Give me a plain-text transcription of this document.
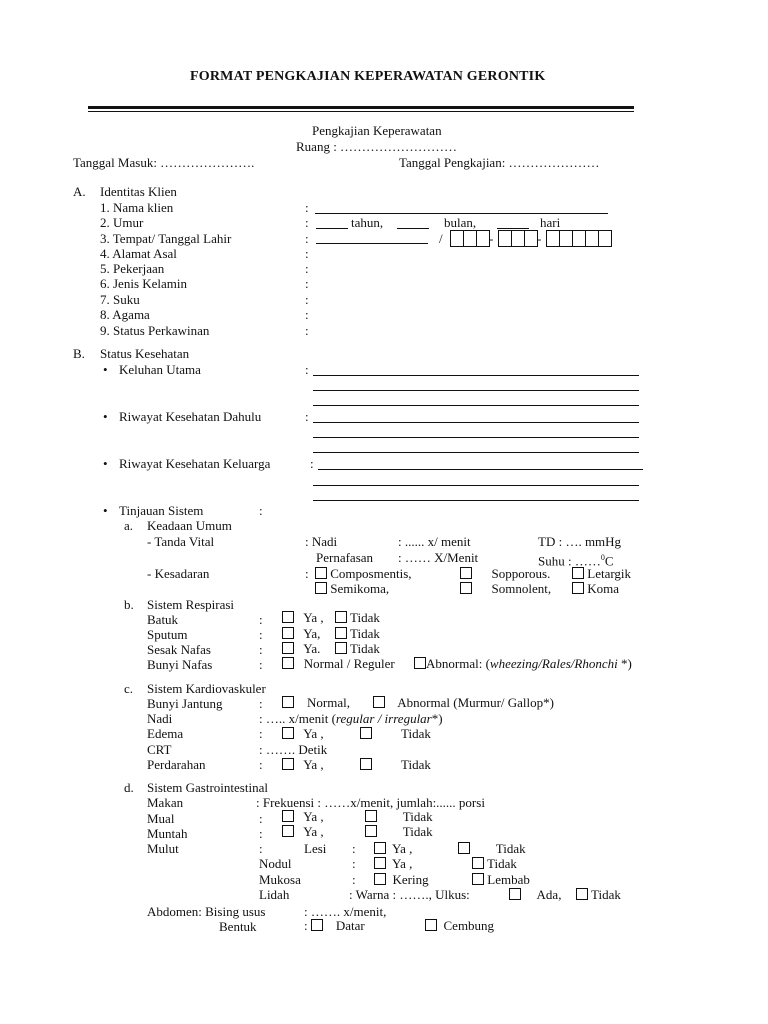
FORMAT PENGKAJIAN KEPERAWATAN GERONTIK
Pengkajian Keperawatan
Ruang : ………………………
Tanggal Masuk: ………………….	Tanggal Pengkajian: …………………
A. Identitas Klien
1. Nama klien	:
2. Umur	:	tahun,	bulan,	hari
3. Tempat/ Tanggal Lahir	:	/	-	-
4. Alamat Asal	:
5. Pekerjaan	:
6. Jenis Kelamin	:
7. Suku	:
8. Agama	:
9. Status Perkawinan	:
B. Status Kesehatan
• Keluhan Utama	:
• Riwayat Kesehatan Dahulu	:
• Riwayat Kesehatan Keluarga	:
• Tinjauan Sistem	:
a. Keadaan Umum
- Tanda Vital	: Nadi	: ...... x/ menit	TD : …. mmHg
Pernafasan : …… X/Menit	Suhu : ……$^0$C
- Kesadaran	:	Composmentis,	Sopporous.	Letargik
Semikoma,	Somnolent,	Koma
b. Sistem Respirasi
Batuk	:	Ya ,	Tidak
Sputum	:	Ya,	Tidak
Sesak Nafas	:	Ya.	Tidak
Bunyi Nafas	:	Normal / Reguler	Abnormal: (wheezing/Rales/Rhonchi *)
c. Sistem Kardiovaskuler
Bunyi Jantung	:	Normal,	Abnormal (Murmur/ Gallop*)
Nadi	: ….. x/menit (regular / irregular*)
Edema	:	Ya ,	Tidak
CRT	: ……. Detik
Perdarahan	:	Ya ,	Tidak
d. Sistem Gastrointestinal
Makan	: Frekuensi : ……x/menit, jumlah:...... porsi
Mual	:	Ya ,	Tidak
Muntah	:	Ya ,	Tidak
Mulut	:	Lesi :	Ya ,	Tidak
Nodul	:	Ya ,	Tidak
Mukosa	:	Kering	Lembab
Lidah	: Warna : ……., Ulkus:	Ada,	Tidak
Abdomen: Bising usus	: ……. x/menit,
Bentuk	: Datar	Cembung
